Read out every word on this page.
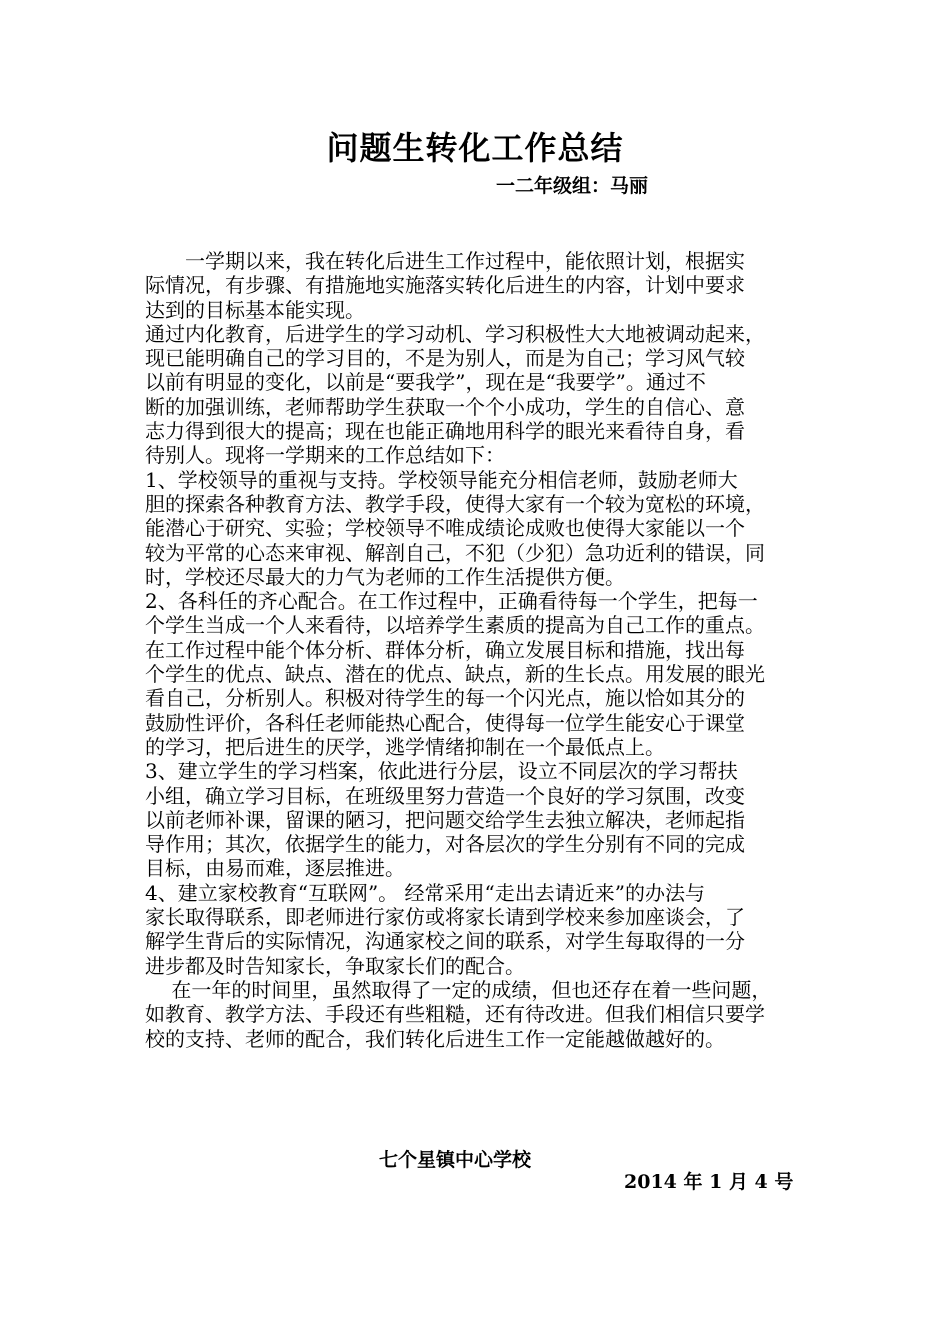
问题生转化工作总结
一二年级组：马丽
　　一学期以来，我在转化后进生工作过程中，能依照计划，根据实
际情况，有步骤、有措施地实施落实转化后进生的内容，计划中要求
达到的目标基本能实现。
通过内化教育，后进学生的学习动机、学习积极性大大地被调动起来，
现已能明确自己的学习目的，不是为别人，而是为自己；学习风气较
以前有明显的变化，以前是“要我学”，现在是“我要学”。通过不
断的加强训练，老师帮助学生获取一个个小成功，学生的自信心、意
志力得到很大的提高；现在也能正确地用科学的眼光来看待自身，看
待别人。现将一学期来的工作总结如下：
1、学校领导的重视与支持。学校领导能充分相信老师，鼓励老师大
胆的探索各种教育方法、教学手段，使得大家有一个较为宽松的环境，
能潜心于研究、实验；学校领导不唯成绩论成败也使得大家能以一个
较为平常的心态来审视、解剖自己，不犯（少犯）急功近利的错误，同
时，学校还尽最大的力气为老师的工作生活提供方便。
2、各科任的齐心配合。在工作过程中，正确看待每一个学生，把每一
个学生当成一个人来看待，以培养学生素质的提高为自己工作的重点。
在工作过程中能个体分析、群体分析，确立发展目标和措施，找出每
个学生的优点、缺点、潜在的优点、缺点，新的生长点。用发展的眼光
看自己，分析别人。积极对待学生的每一个闪光点，施以恰如其分的
鼓励性评价，各科任老师能热心配合，使得每一位学生能安心于课堂
的学习，把后进生的厌学，逃学情绪抑制在一个最低点上。
3、建立学生的学习档案，依此进行分层，设立不同层次的学习帮扶
小组，确立学习目标，在班级里努力营造一个良好的学习氛围，改变
以前老师补课，留课的陋习，把问题交给学生去独立解决，老师起指
导作用；其次，依据学生的能力，对各层次的学生分别有不同的完成
目标，由易而难，逐层推进。
4、建立家校教育“互联网”。 经常采用“走出去请近来”的办法与
家长取得联系，即老师进行家仿或将家长请到学校来参加座谈会，了
解学生背后的实际情况，沟通家校之间的联系，对学生每取得的一分
进步都及时告知家长，争取家长们的配合。
　 在一年的时间里，虽然取得了一定的成绩，但也还存在着一些问题，
如教育、教学方法、手段还有些粗糙，还有待改进。但我们相信只要学
校的支持、老师的配合，我们转化后进生工作一定能越做越好的。
七个星镇中心学校
2014 年 1 月 4 号
